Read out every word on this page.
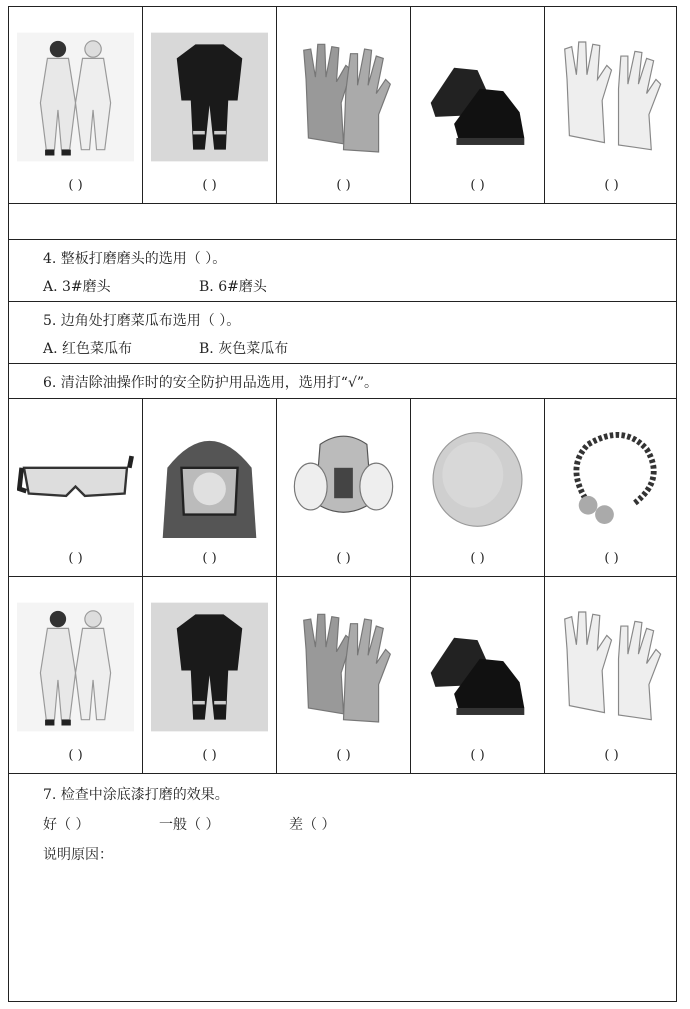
( )	( )	( )	( )	( )
4. 整板打磨磨头的选用（ ）。
A. 3#磨头	B. 6#磨头
5. 边角处打磨菜瓜布选用（ ）。
A. 红色菜瓜布	B. 灰色菜瓜布
6. 清洁除油操作时的安全防护用品选用，选用打“√”。
( )	( )	( )	( )	( )
( )	( )	( )	( )	( )
7. 检查中涂底漆打磨的效果。
好（ ）	一般（ ）	差（ ）
说明原因：
